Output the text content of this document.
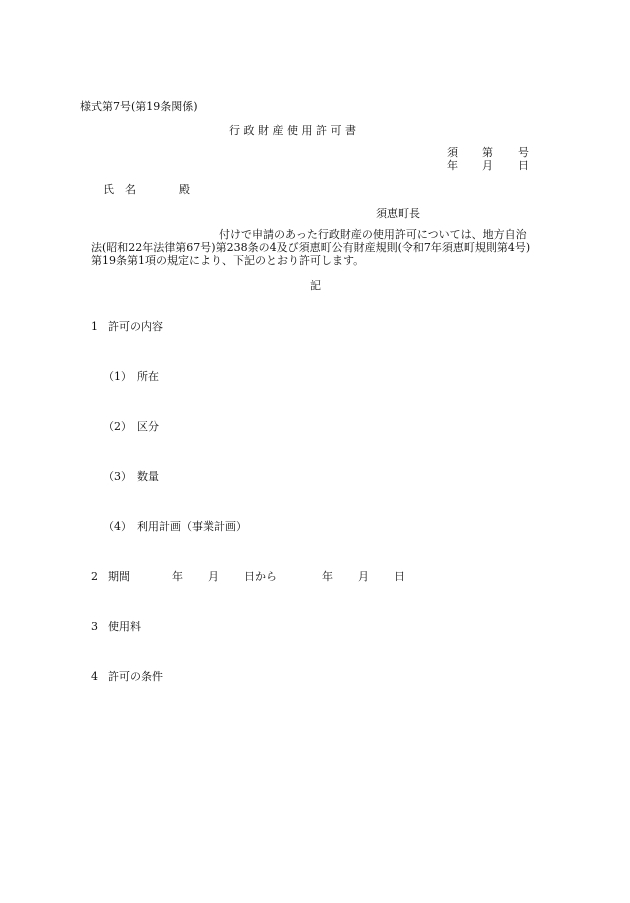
様式第7号(第19条関係)
行 政 財 産 使 用 許 可 書
須 第 号
年 月 日
氏 名	殿
須恵町長
付けで申請のあった行政財産の使用許可については、地方自治
法(昭和22年法律第67号)第238条の4及び須恵町公有財産規則(令和7年須恵町規則第4号)
第19条第1項の規定により、下記のとおり許可します。
記
1 許可の内容
（1） 所在
（2） 区分
（3） 数量
（4） 利用計画（事業計画）
2 期間	年 月 日から	年 月 日
3 使用料
4 許可の条件
